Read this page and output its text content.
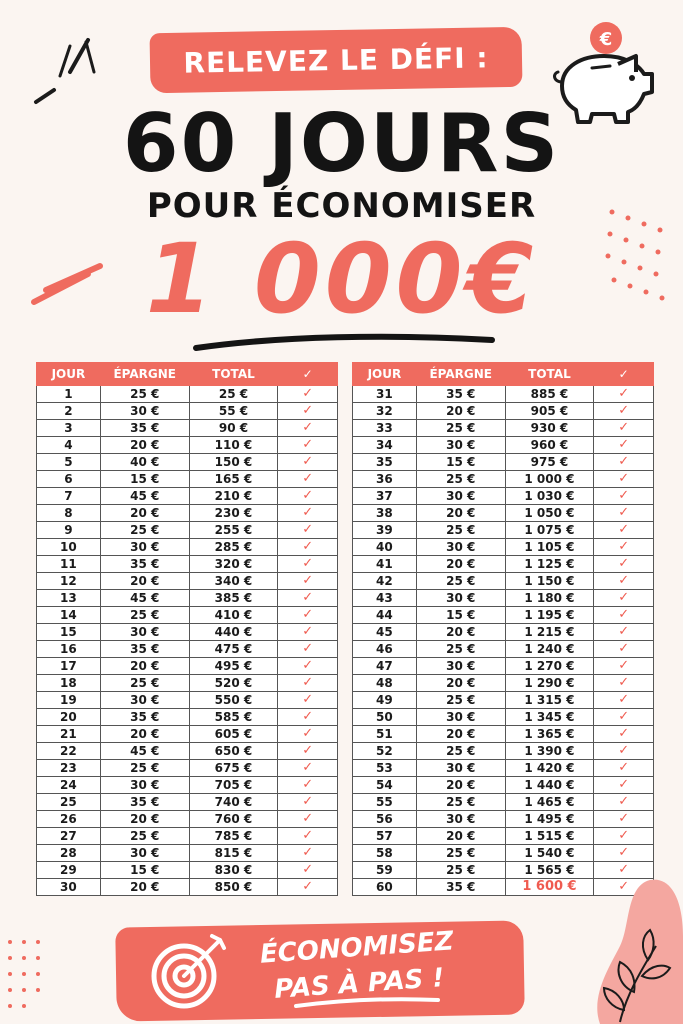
RELEVEZ LE DÉFI :
€
60 JOURS
POUR ÉCONOMISER
1 000€
JOUR	ÉPARGNE	TOTAL	✓
1	25 €	25 €	✓
2	30 €	55 €	✓
3	35 €	90 €	✓
4	20 €	110 €	✓
5	40 €	150 €	✓
6	15 €	165 €	✓
7	45 €	210 €	✓
8	20 €	230 €	✓
9	25 €	255 €	✓
10	30 €	285 €	✓
11	35 €	320 €	✓
12	20 €	340 €	✓
13	45 €	385 €	✓
14	25 €	410 €	✓
15	30 €	440 €	✓
16	35 €	475 €	✓
17	20 €	495 €	✓
18	25 €	520 €	✓
19	30 €	550 €	✓
20	35 €	585 €	✓
21	20 €	605 €	✓
22	45 €	650 €	✓
23	25 €	675 €	✓
24	30 €	705 €	✓
25	35 €	740 €	✓
26	20 €	760 €	✓
27	25 €	785 €	✓
28	30 €	815 €	✓
29	15 €	830 €	✓
30	20 €	850 €	✓
JOUR	ÉPARGNE	TOTAL	✓
31	35 €	885 €	✓
32	20 €	905 €	✓
33	25 €	930 €	✓
34	30 €	960 €	✓
35	15 €	975 €	✓
36	25 €	1 000 €	✓
37	30 €	1 030 €	✓
38	20 €	1 050 €	✓
39	25 €	1 075 €	✓
40	30 €	1 105 €	✓
41	20 €	1 125 €	✓
42	25 €	1 150 €	✓
43	30 €	1 180 €	✓
44	15 €	1 195 €	✓
45	20 €	1 215 €	✓
46	25 €	1 240 €	✓
47	30 €	1 270 €	✓
48	20 €	1 290 €	✓
49	25 €	1 315 €	✓
50	30 €	1 345 €	✓
51	20 €	1 365 €	✓
52	25 €	1 390 €	✓
53	30 €	1 420 €	✓
54	20 €	1 440 €	✓
55	25 €	1 465 €	✓
56	30 €	1 495 €	✓
57	20 €	1 515 €	✓
58	25 €	1 540 €	✓
59	25 €	1 565 €	✓
60	35 €	1 600 €	✓
ÉCONOMISEZ
PAS À PAS !
